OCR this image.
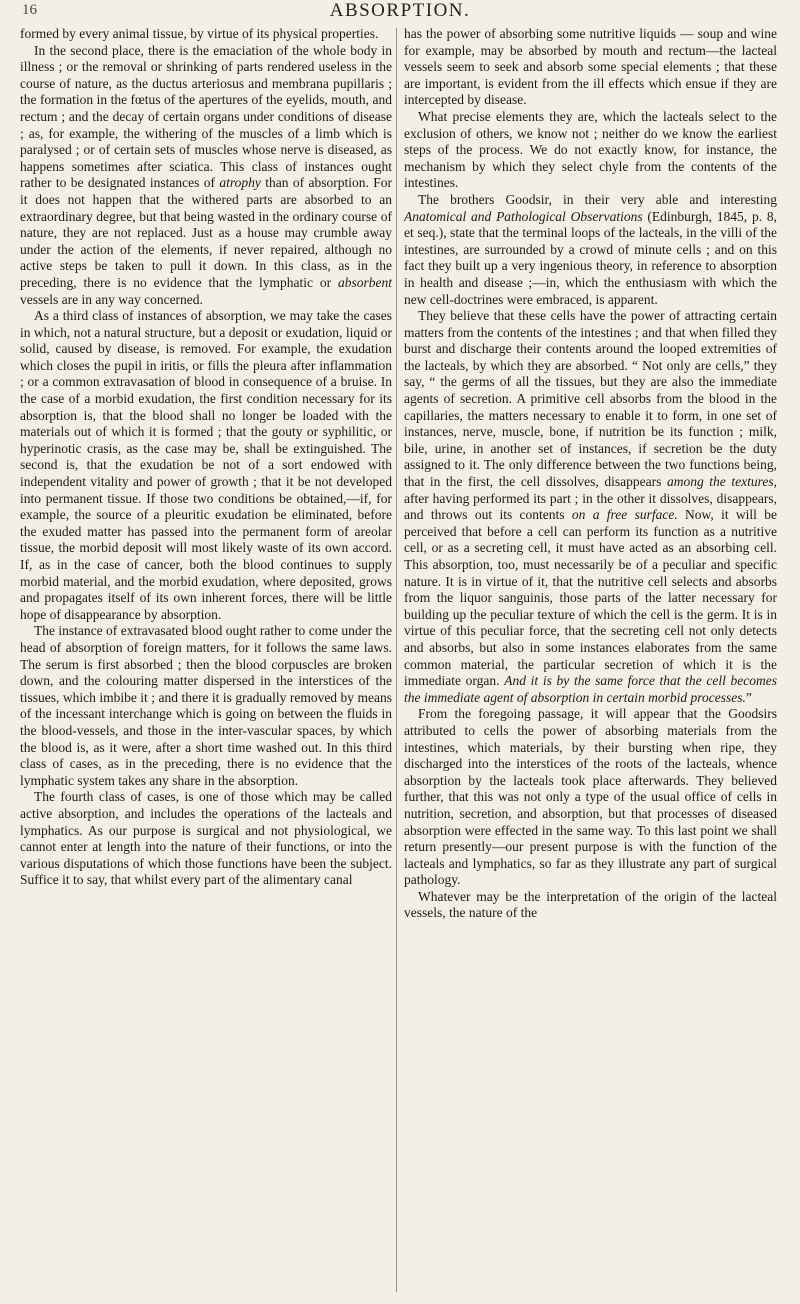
16	ABSORPTION.

formed by every animal tissue, by virtue of its physical properties.

In the second place, there is the emaciation of the whole body in illness ; or the removal or shrinking of parts rendered useless in the course of nature, as the ductus arteriosus and membrana pupillaris ; the formation in the fœtus of the apertures of the eyelids, mouth, and rectum ; and the decay of certain organs under conditions of disease ; as, for example, the withering of the muscles of a limb which is paralysed ; or of certain sets of muscles whose nerve is diseased, as happens sometimes after sciatica. This class of instances ought rather to be designated instances of atrophy than of absorption. For it does not happen that the withered parts are absorbed to an extraordinary degree, but that being wasted in the ordinary course of nature, they are not replaced. Just as a house may crumble away under the action of the elements, if never repaired, although no active steps be taken to pull it down. In this class, as in the preceding, there is no evidence that the lymphatic or absorbent vessels are in any way concerned.

As a third class of instances of absorption, we may take the cases in which, not a natural structure, but a deposit or exudation, liquid or solid, caused by disease, is removed. For example, the exudation which closes the pupil in iritis, or fills the pleura after inflammation ; or a common extravasation of blood in consequence of a bruise. In the case of a morbid exudation, the first condition necessary for its absorption is, that the blood shall no longer be loaded with the materials out of which it is formed ; that the gouty or syphilitic, or hyperinotic crasis, as the case may be, shall be extinguished. The second is, that the exudation be not of a sort endowed with independent vitality and power of growth ; that it be not developed into permanent tissue. If those two conditions be obtained,—if, for example, the source of a pleuritic exudation be eliminated, before the exuded matter has passed into the permanent form of areolar tissue, the morbid deposit will most likely waste of its own accord. If, as in the case of cancer, both the blood continues to supply morbid material, and the morbid exudation, where deposited, grows and propagates itself of its own inherent forces, there will be little hope of disappearance by absorption.

The instance of extravasated blood ought rather to come under the head of absorption of foreign matters, for it follows the same laws. The serum is first absorbed ; then the blood corpuscles are broken down, and the colouring matter dispersed in the interstices of the tissues, which imbibe it ; and there it is gradually removed by means of the incessant interchange which is going on between the fluids in the blood-vessels, and those in the inter-vascular spaces, by which the blood is, as it were, after a short time washed out. In this third class of cases, as in the preceding, there is no evidence that the lymphatic system takes any share in the absorption.

The fourth class of cases, is one of those which may be called active absorption, and includes the operations of the lacteals and lymphatics. As our purpose is surgical and not physiological, we cannot enter at length into the nature of their functions, or into the various disputations of which those functions have been the subject. Suffice it to say, that whilst every part of the alimentary canal

has the power of absorbing some nutritive liquids — soup and wine for example, may be absorbed by mouth and rectum—the lacteal vessels seem to seek and absorb some special elements ; that these are important, is evident from the ill effects which ensue if they are intercepted by disease.

What precise elements they are, which the lacteals select to the exclusion of others, we know not ; neither do we know the earliest steps of the process. We do not exactly know, for instance, the mechanism by which they select chyle from the contents of the intestines.

The brothers Goodsir, in their very able and interesting Anatomical and Pathological Observations (Edinburgh, 1845, p. 8, et seq.), state that the terminal loops of the lacteals, in the villi of the intestines, are surrounded by a crowd of minute cells ; and on this fact they built up a very ingenious theory, in reference to absorption in health and disease ;—in, which the enthusiasm with which the new cell-doctrines were embraced, is apparent.

They believe that these cells have the power of attracting certain matters from the contents of the intestines ; and that when filled they burst and discharge their contents around the looped extremities of the lacteals, by which they are absorbed. “ Not only are cells,” they say, “ the germs of all the tissues, but they are also the immediate agents of secretion. A primitive cell absorbs from the blood in the capillaries, the matters necessary to enable it to form, in one set of instances, nerve, muscle, bone, if nutrition be its function ; milk, bile, urine, in another set of instances, if secretion be the duty assigned to it. The only difference between the two functions being, that in the first, the cell dissolves, disappears among the textures, after having performed its part ; in the other it dissolves, disappears, and throws out its contents on a free surface. Now, it will be perceived that before a cell can perform its function as a nutritive cell, or as a secreting cell, it must have acted as an absorbing cell. This absorption, too, must necessarily be of a peculiar and specific nature. It is in virtue of it, that the nutritive cell selects and absorbs from the liquor sanguinis, those parts of the latter necessary for building up the peculiar texture of which the cell is the germ. It is in virtue of this peculiar force, that the secreting cell not only detects and absorbs, but also in some instances elaborates from the same common material, the particular secretion of which it is the immediate organ. And it is by the same force that the cell becomes the immediate agent of absorption in certain morbid processes.”

From the foregoing passage, it will appear that the Goodsirs attributed to cells the power of absorbing materials from the intestines, which materials, by their bursting when ripe, they discharged into the interstices of the roots of the lacteals, whence absorption by the lacteals took place afterwards. They believed further, that this was not only a type of the usual office of cells in nutrition, secretion, and absorption, but that processes of diseased absorption were effected in the same way. To this last point we shall return presently—our present purpose is with the function of the lacteals and lymphatics, so far as they illustrate any part of surgical pathology.

Whatever may be the interpretation of the origin of the lacteal vessels, the nature of the
